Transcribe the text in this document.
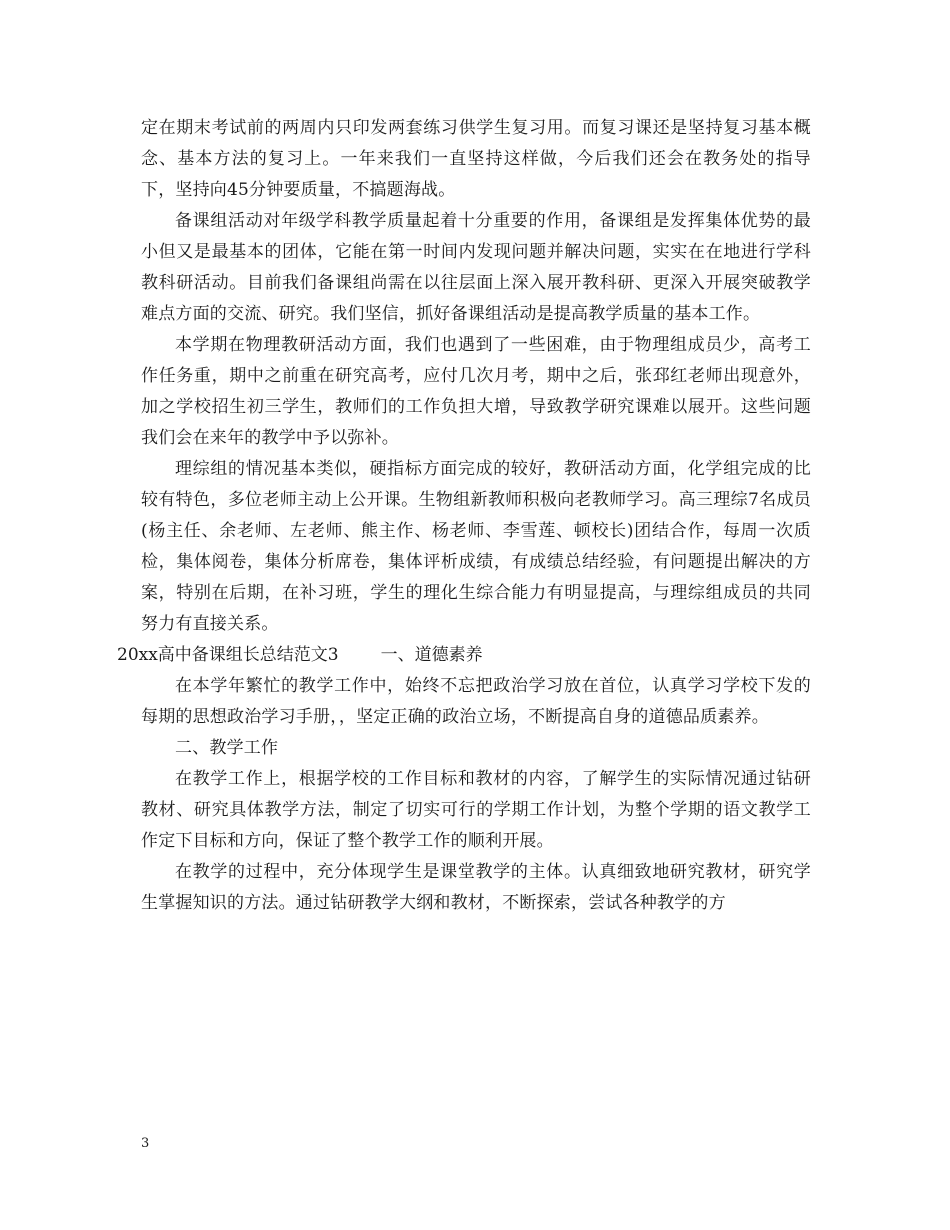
定在期末考试前的两周内只印发两套练习供学生复习用。而复习课还是坚持复习基本概念、基本方法的复习上。一年来我们一直坚持这样做，今后我们还会在教务处的指导下，坚持向45分钟要质量，不搞题海战。

备课组活动对年级学科教学质量起着十分重要的作用，备课组是发挥集体优势的最小但又是最基本的团体，它能在第一时间内发现问题并解决问题，实实在在地进行学科教科研活动。目前我们备课组尚需在以往层面上深入展开教科研、更深入开展突破教学难点方面的交流、研究。我们坚信，抓好备课组活动是提高教学质量的基本工作。

本学期在物理教研活动方面，我们也遇到了一些困难，由于物理组成员少，高考工作任务重，期中之前重在研究高考，应付几次月考，期中之后，张邳红老师出现意外，加之学校招生初三学生，教师们的工作负担大增，导致教学研究课难以展开。这些问题我们会在来年的教学中予以弥补。

理综组的情况基本类似，硬指标方面完成的较好，教研活动方面，化学组完成的比较有特色，多位老师主动上公开课。生物组新教师积极向老教师学习。高三理综7名成员(杨主任、余老师、左老师、熊主作、杨老师、李雪莲、顿校长)团结合作，每周一次质检，集体阅卷，集体分析席卷，集体评析成绩，有成绩总结经验，有问题提出解决的方案，特别在后期，在补习班，学生的理化生综合能力有明显提高，与理综组成员的共同努力有直接关系。

20xx高中备课组长总结范文3 一、道德素养

在本学年繁忙的教学工作中，始终不忘把政治学习放在首位，认真学习学校下发的每期的思想政治学习手册，，坚定正确的政治立场，不断提高自身的道德品质素养。

二、教学工作

在教学工作上，根据学校的工作目标和教材的内容，了解学生的实际情况通过钻研教材、研究具体教学方法，制定了切实可行的学期工作计划，为整个学期的语文教学工作定下目标和方向，保证了整个教学工作的顺利开展。

在教学的过程中，充分体现学生是课堂教学的主体。认真细致地研究教材，研究学生掌握知识的方法。通过钻研教学大纲和教材，不断探索，尝试各种教学的方

3
